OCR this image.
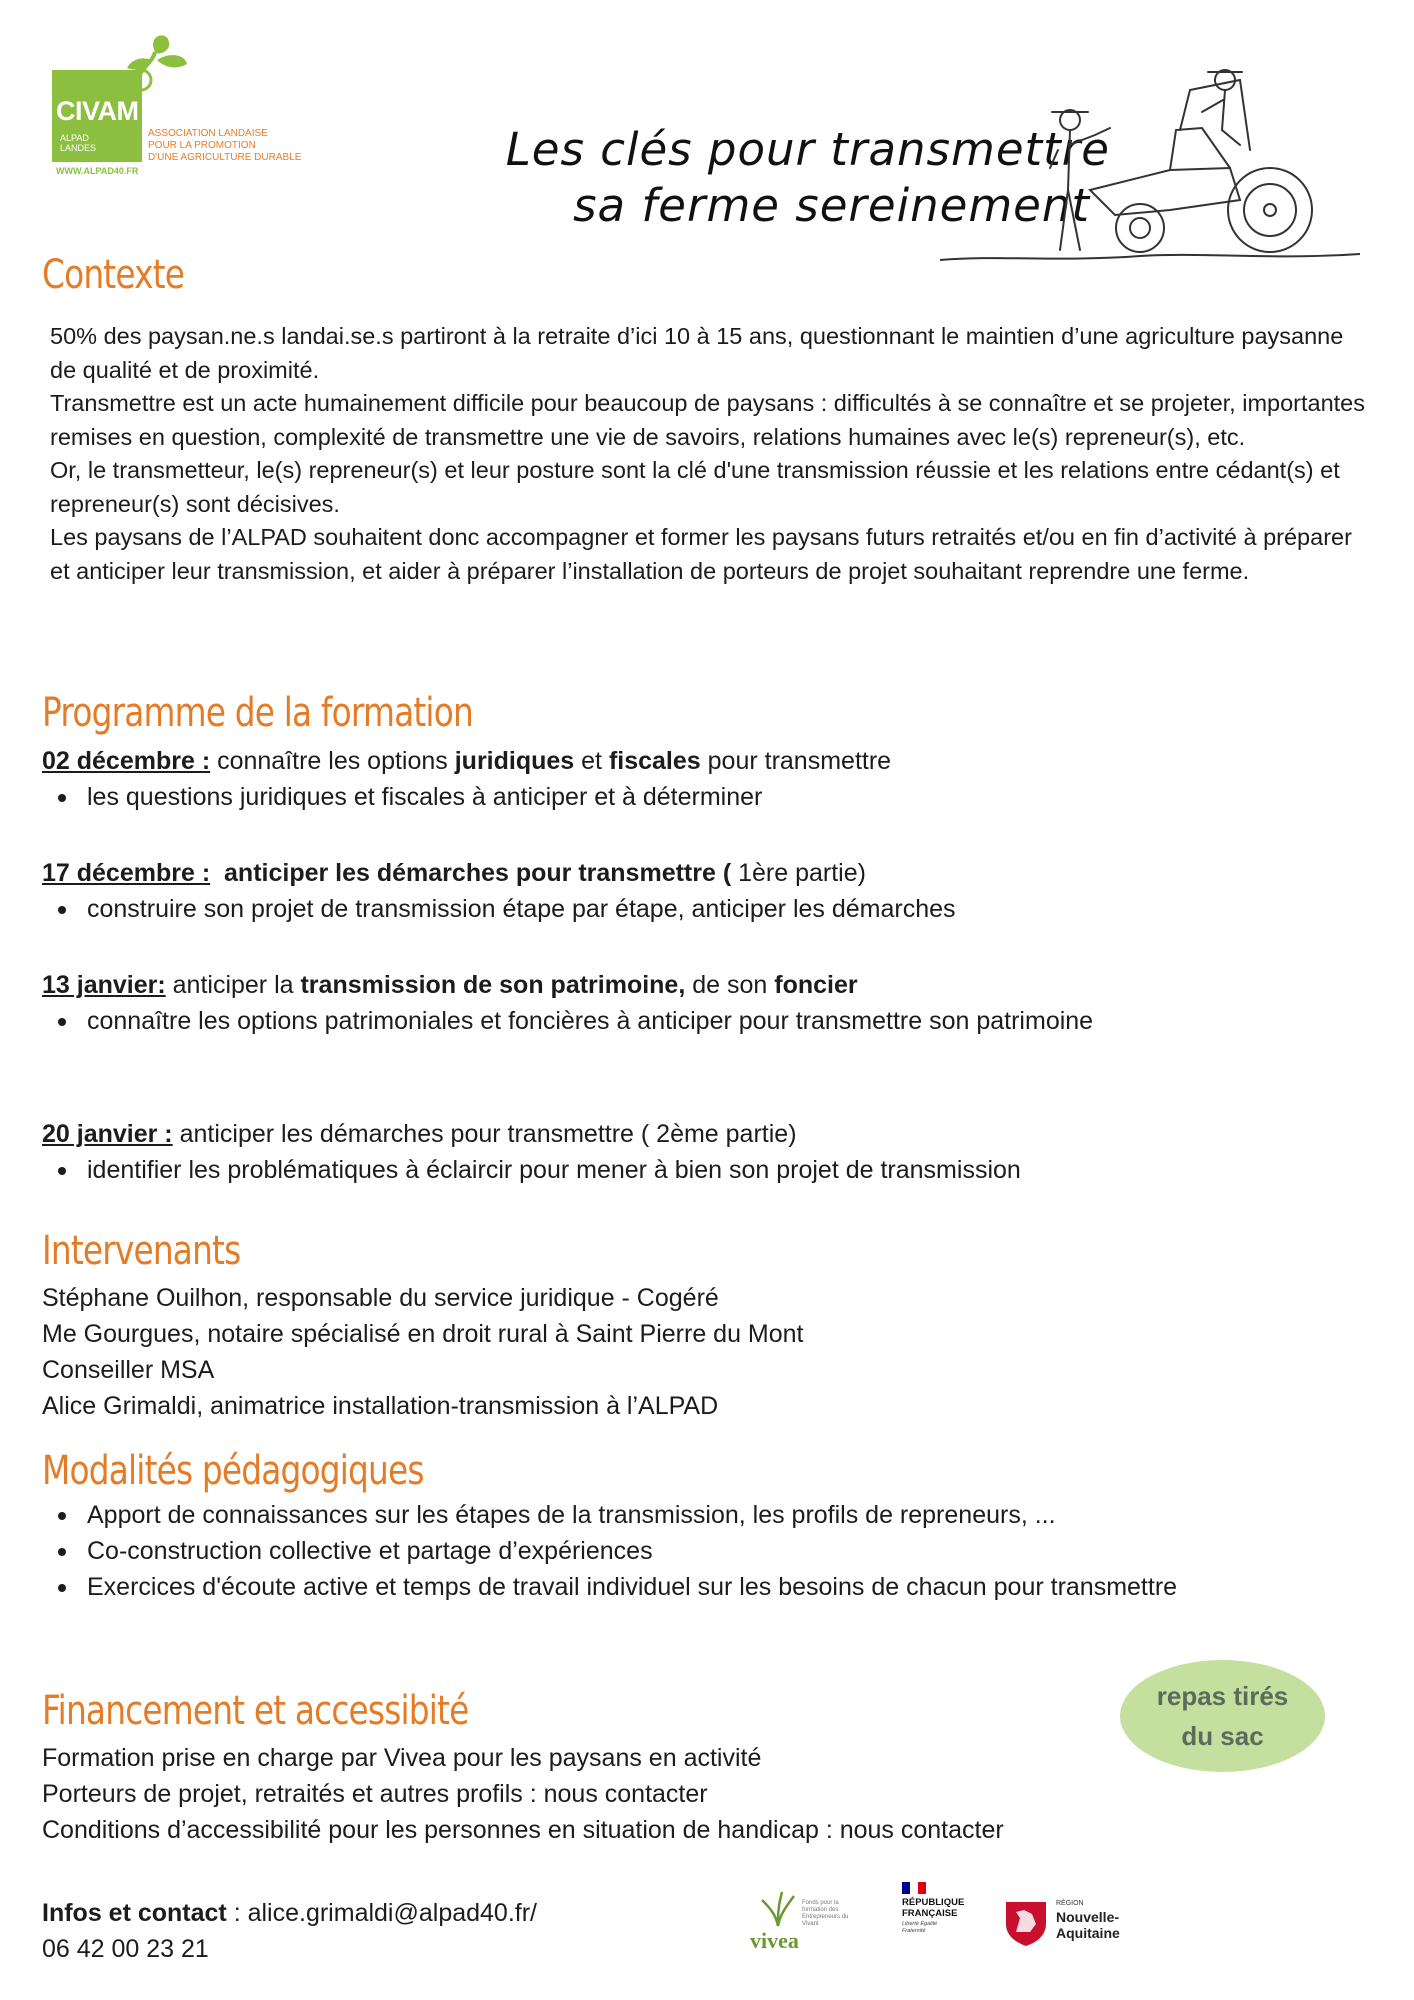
CIVAM
ALPAD
LANDES
ASSOCIATION LANDAISE
POUR LA PROMOTION
D'UNE AGRICULTURE DURABLE
WWW.ALPAD40.FR	Les clés pour transmettre
sa ferme sereinement
Contexte

50% des paysan.ne.s landai.se.s partiront à la retraite d’ici 10 à 15 ans, questionnant le maintien d’une agriculture paysanne de qualité et de proximité.

Transmettre est un acte humainement difficile pour beaucoup de paysans : difficultés à se connaître et se projeter, importantes remises en question, complexité de transmettre une vie de savoirs, relations humaines avec le(s) repreneur(s), etc.

Or, le transmetteur, le(s) repreneur(s) et leur posture sont la clé d'une transmission réussie et les relations entre cédant(s) et repreneur(s) sont décisives.

Les paysans de l’ALPAD souhaitent donc accompagner et former les paysans futurs retraités et/ou en fin d’activité à préparer et anticiper leur transmission, et aider à préparer l’installation de porteurs de projet souhaitant reprendre une ferme.

Programme de la formation
02 décembre : connaître les options juridiques et fiscales pour transmettre
les questions juridiques et fiscales à anticiper et à déterminer
17 décembre :  anticiper les démarches pour transmettre ( 1ère partie)
construire son projet de transmission étape par étape, anticiper les démarches
13 janvier: anticiper la transmission de son patrimoine, de son foncier
connaître les options patrimoniales et foncières à anticiper pour transmettre son patrimoine
20 janvier : anticiper les démarches pour transmettre ( 2ème partie)
identifier les problématiques à éclaircir pour mener à bien son projet de transmission
Intervenants
Stéphane Ouilhon, responsable du service juridique - Cogéré
Me Gourgues, notaire spécialisé en droit rural à Saint Pierre du Mont
Conseiller MSA
Alice Grimaldi, animatrice installation-transmission à l’ALPAD
Modalités pédagogiques
Apport de connaissances sur les étapes de la transmission, les profils de repreneurs, ...
Co-construction collective et partage d’expériences
Exercices d'écoute active et temps de travail individuel sur les besoins de chacun pour transmettre
Financement et accessibité
Formation prise en charge par Vivea pour les paysans en activité
Porteurs de projet, retraités et autres profils : nous contacter
Conditions d’accessibilité pour les personnes en situation de handicap : nous contacter
repas tirés du sac
Infos et contact : alice.grimaldi@alpad40.fr/
06 42 00 23 21	vivea
Fonds pour la formation des Entrepreneurs du Vivant
RÉPUBLIQUE
FRANÇAISE
Liberté Égalité Fraternité
RÉGION
Nouvelle-
Aquitaine
